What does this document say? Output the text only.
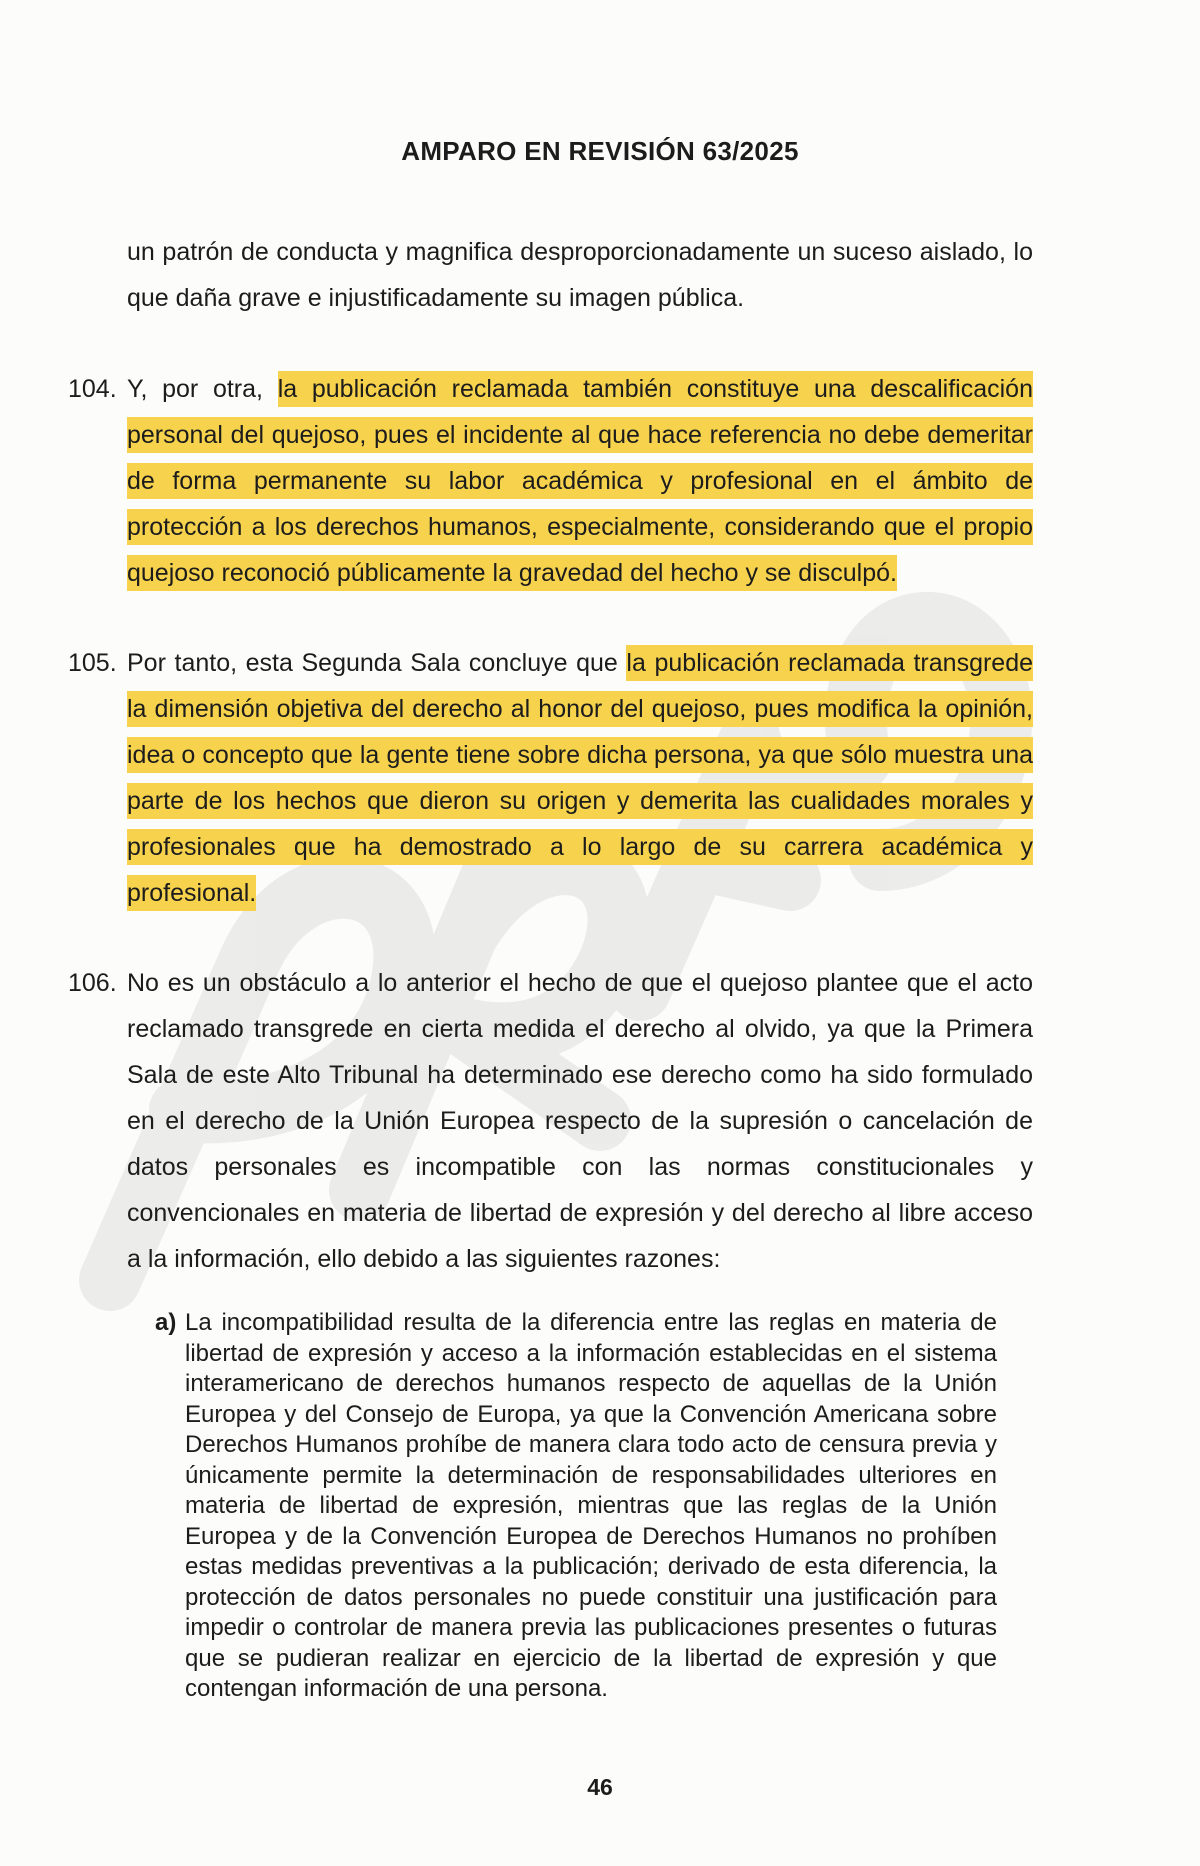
AMPARO EN REVISIÓN 63/2025

un patrón de conducta y magnifica desproporcionadamente un suceso aislado, lo que daña grave e injustificadamente su imagen pública.

104. Y, por otra, la publicación reclamada también constituye una descalificación personal del quejoso, pues el incidente al que hace referencia no debe demeritar de forma permanente su labor académica y profesional en el ámbito de protección a los derechos humanos, especialmente, considerando que el propio quejoso reconoció públicamente la gravedad del hecho y se disculpó.

105. Por tanto, esta Segunda Sala concluye que la publicación reclamada transgrede la dimensión objetiva del derecho al honor del quejoso, pues modifica la opinión, idea o concepto que la gente tiene sobre dicha persona, ya que sólo muestra una parte de los hechos que dieron su origen y demerita las cualidades morales y profesionales que ha demostrado a lo largo de su carrera académica y profesional.

106. No es un obstáculo a lo anterior el hecho de que el quejoso plantee que el acto reclamado transgrede en cierta medida el derecho al olvido, ya que la Primera Sala de este Alto Tribunal ha determinado ese derecho como ha sido formulado en el derecho de la Unión Europea respecto de la supresión o cancelación de datos personales es incompatible con las normas constitucionales y convencionales en materia de libertad de expresión y del derecho al libre acceso a la información, ello debido a las siguientes razones:

a) La incompatibilidad resulta de la diferencia entre las reglas en materia de libertad de expresión y acceso a la información establecidas en el sistema interamericano de derechos humanos respecto de aquellas de la Unión Europea y del Consejo de Europa, ya que la Convención Americana sobre Derechos Humanos prohíbe de manera clara todo acto de censura previa y únicamente permite la determinación de responsabilidades ulteriores en materia de libertad de expresión, mientras que las reglas de la Unión Europea y de la Convención Europea de Derechos Humanos no prohíben estas medidas preventivas a la publicación; derivado de esta diferencia, la protección de datos personales no puede constituir una justificación para impedir o controlar de manera previa las publicaciones presentes o futuras que se pudieran realizar en ejercicio de la libertad de expresión y que contengan información de una persona.
46
